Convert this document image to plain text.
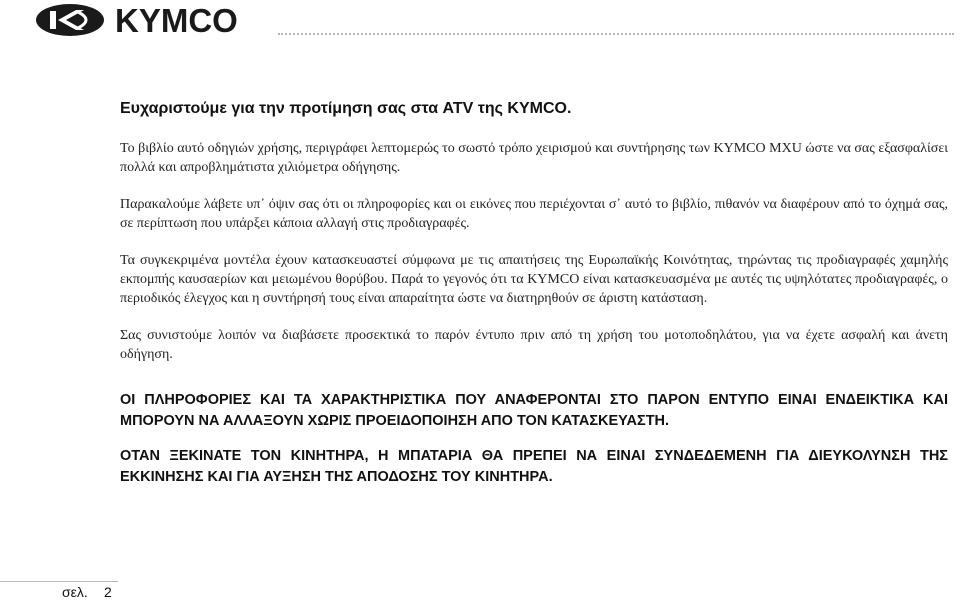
KYMCO
Ευχαριστούμε για την προτίμηση σας στα ATV της KYMCO.

Το βιβλίο αυτό οδηγιών χρήσης, περιγράφει λεπτομερώς το σωστό τρόπο χειρισμού και συντήρησης των KYMCO MXU ώστε να σας εξασφαλίσει πολλά και απροβλημάτιστα χιλιόμετρα οδήγησης.

Παρακαλούμε λάβετε υπ᾽ όψιν σας ότι οι πληροφορίες και οι εικόνες που περιέχονται σ᾽ αυτό το βιβλίο, πιθανόν να διαφέρουν από το όχημά σας, σε περίπτωση που υπάρξει κάποια αλλαγή στις προδιαγραφές.

Τα συγκεκριμένα μοντέλα έχουν κατασκευαστεί σύμφωνα με τις απαιτήσεις της Ευρωπαϊκής Κοινότητας, τηρώντας τις προδιαγραφές χαμηλής εκπομπής καυσαερίων και μειωμένου θορύβου. Παρά το γεγονός ότι τα KYMCO είναι κατασκευασμένα με αυτές τις υψηλότατες προδιαγραφές, ο περιοδικός έλεγχος και η συντήρησή τους είναι απαραίτητα ώστε να διατηρηθούν σε άριστη κατάσταση.

Σας συνιστούμε λοιπόν να διαβάσετε προσεκτικά το παρόν έντυπο πριν από τη χρήση του μοτοποδηλάτου, για να έχετε ασφαλή και άνετη οδήγηση.

ΟΙ ΠΛΗΡΟΦΟΡΙΕΣ ΚΑΙ ΤΑ ΧΑΡΑΚΤΗΡΙΣΤΙΚΑ ΠΟΥ ΑΝΑΦΕΡΟΝΤΑΙ ΣΤΟ ΠΑΡΟΝ ΕΝΤΥΠΟ ΕΙΝΑΙ ΕΝΔΕΙΚΤΙΚΑ ΚΑΙ ΜΠΟΡΟΥΝ ΝΑ ΑΛΛΑΞΟΥΝ ΧΩΡΙΣ ΠΡΟΕΙΔΟΠΟΙΗΣΗ ΑΠΟ ΤΟΝ ΚΑΤΑΣΚΕΥΑΣΤΗ.

ΟΤΑΝ ΞΕΚΙΝΑΤΕ ΤΟΝ ΚΙΝΗΤΗΡΑ, Η ΜΠΑΤΑΡΙΑ ΘΑ ΠΡΕΠΕΙ ΝΑ ΕΙΝΑΙ ΣΥΝΔΕΔΕΜΕΝΗ ΓΙΑ ΔΙΕΥΚΟΛΥΝΣΗ ΤΗΣ ΕΚΚΙΝΗΣΗΣ ΚΑΙ ΓΙΑ ΑΥΞΗΣΗ ΤΗΣ ΑΠΟΔΟΣΗΣ ΤΟΥ ΚΙΝΗΤΗΡΑ.

σελ. 2
